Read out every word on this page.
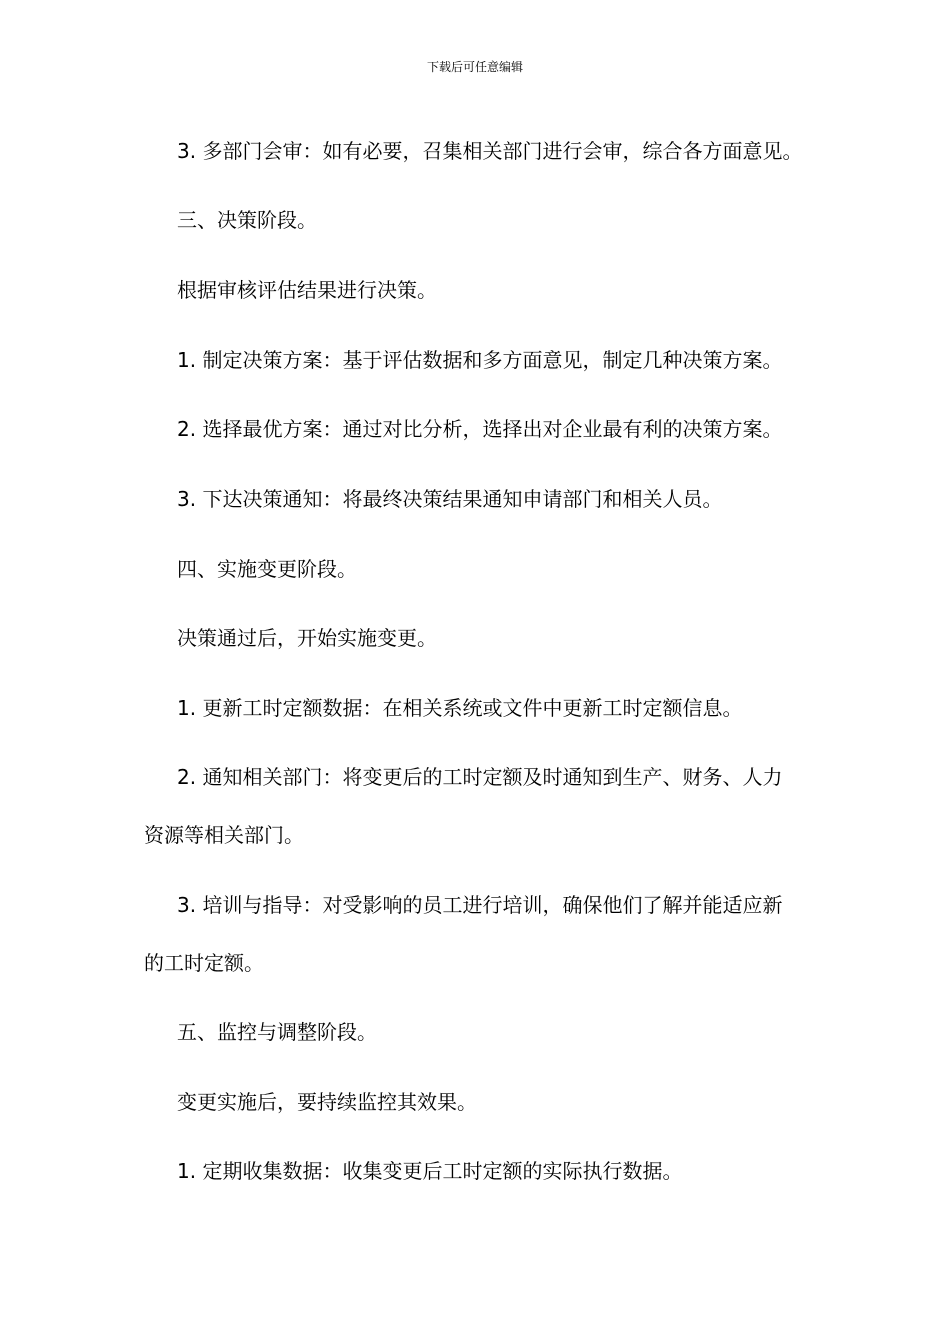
下载后可任意编辑
3. 多部门会审：如有必要，召集相关部门进行会审，综合各方面意见。
三、决策阶段。
根据审核评估结果进行决策。
1. 制定决策方案：基于评估数据和多方面意见，制定几种决策方案。
2. 选择最优方案：通过对比分析，选择出对企业最有利的决策方案。
3. 下达决策通知：将最终决策结果通知申请部门和相关人员。
四、实施变更阶段。
决策通过后，开始实施变更。
1. 更新工时定额数据：在相关系统或文件中更新工时定额信息。
2. 通知相关部门：将变更后的工时定额及时通知到生产、财务、人力
资源等相关部门。
3. 培训与指导：对受影响的员工进行培训，确保他们了解并能适应新
的工时定额。
五、监控与调整阶段。
变更实施后，要持续监控其效果。
1. 定期收集数据：收集变更后工时定额的实际执行数据。
